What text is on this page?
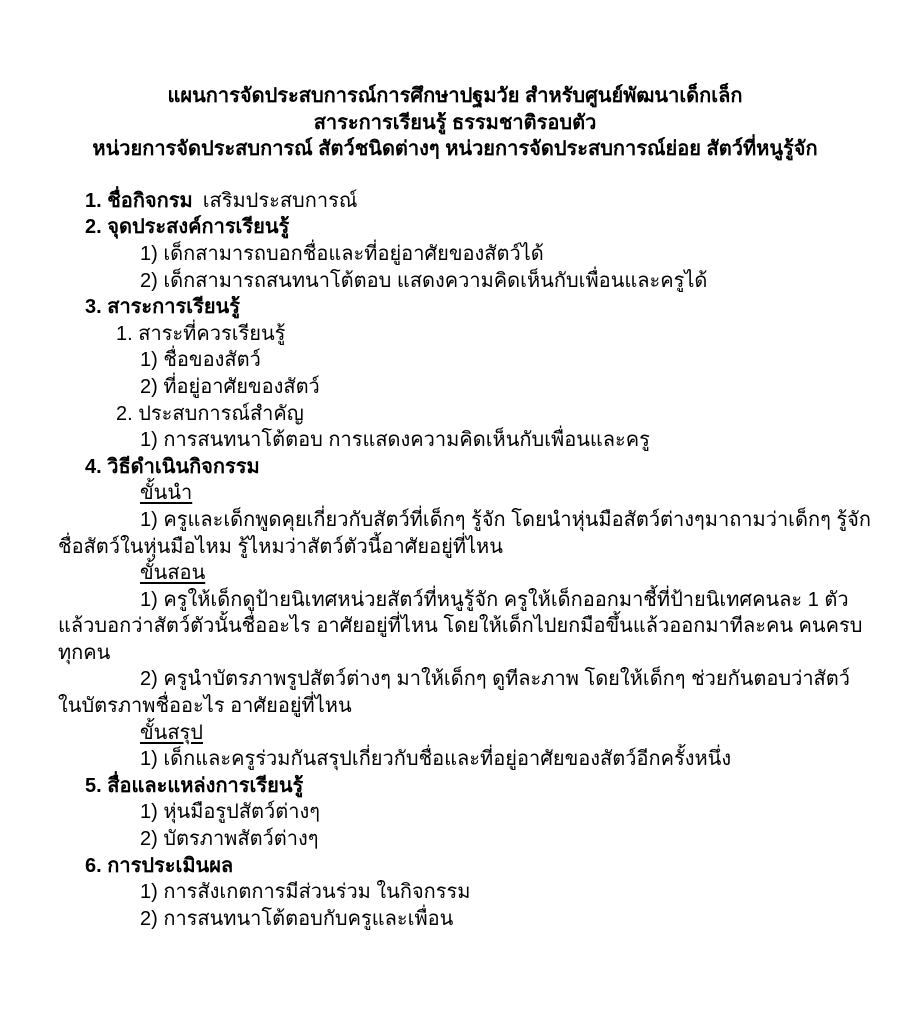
แผนการจัดประสบการณ์การศึกษาปฐมวัย สำหรับศูนย์พัฒนาเด็กเล็ก
สาระการเรียนรู้ ธรรมชาติรอบตัว
หน่วยการจัดประสบการณ์ สัตว์ชนิดต่างๆ หน่วยการจัดประสบการณ์ย่อย สัตว์ที่หนูรู้จัก
1. ชื่อกิจกรม เสริมประสบการณ์
2. จุดประสงค์การเรียนรู้
1) เด็กสามารถบอกชื่อและที่อยู่อาศัยของสัตว์ได้
2) เด็กสามารถสนทนาโต้ตอบ แสดงความคิดเห็นกับเพื่อนและครูได้
3. สาระการเรียนรู้
1. สาระที่ควรเรียนรู้
1) ชื่อของสัตว์
2) ที่อยู่อาศัยของสัตว์
2. ประสบการณ์สำคัญ
1) การสนทนาโต้ตอบ การแสดงความคิดเห็นกับเพื่อนและครู
4. วิธีดำเนินกิจกรรม
ขั้นนำ
1) ครูและเด็กพูดคุยเกี่ยวกับสัตว์ที่เด็กๆ รู้จัก โดยนำหุ่นมือสัตว์ต่างๆมาถามว่าเด็กๆ รู้จัก
ชื่อสัตว์ในหุ่นมือไหม รู้ไหมว่าสัตว์ตัวนี้อาศัยอยู่ที่ไหน
ขั้นสอน
1) ครูให้เด็กดูป้ายนิเทศหน่วยสัตว์ที่หนูรู้จัก ครูให้เด็กออกมาชี้ที่ป้ายนิเทศคนละ 1 ตัว
แล้วบอกว่าสัตว์ตัวนั้นชื่ออะไร อาศัยอยู่ที่ไหน โดยให้เด็กไปยกมือขึ้นแล้วออกมาทีละคน คนครบ
ทุกคน
2) ครูนำบัตรภาพรูปสัตว์ต่างๆ มาให้เด็กๆ ดูทีละภาพ โดยให้เด็กๆ ช่วยกันตอบว่าสัตว์
ในบัตรภาพชื่ออะไร อาศัยอยู่ที่ไหน
ขั้นสรุป
1) เด็กและครูร่วมกันสรุปเกี่ยวกับชื่อและที่อยู่อาศัยของสัตว์อีกครั้งหนึ่ง
5. สื่อและแหล่งการเรียนรู้
1) หุ่นมือรูปสัตว์ต่างๆ
2) บัตรภาพสัตว์ต่างๆ
6. การประเมินผล
1) การสังเกตการมีส่วนร่วม ในกิจกรรม
2) การสนทนาโต้ตอบกับครูและเพื่อน
